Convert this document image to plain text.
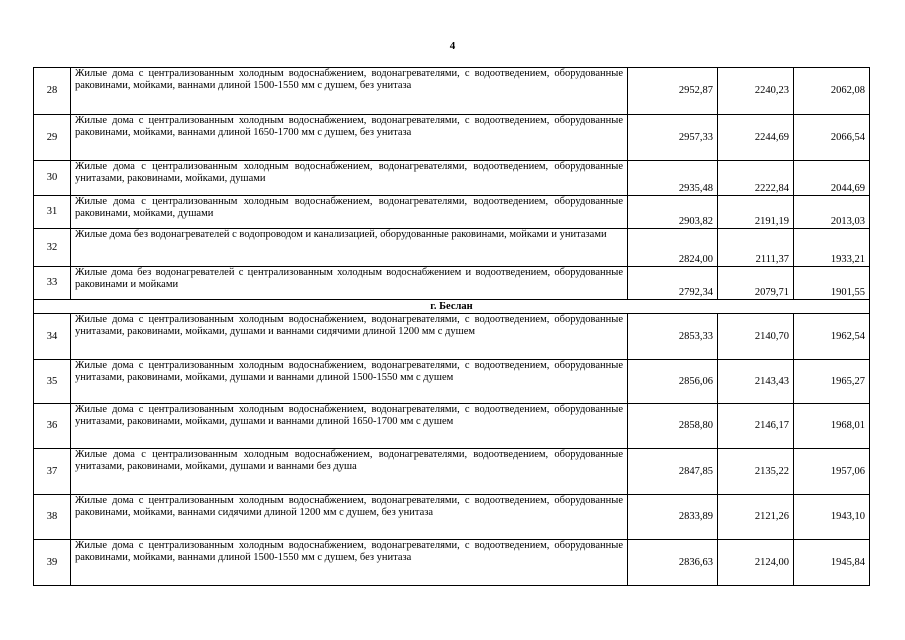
4
28	Жилые дома с централизованным холодным водоснабжением, водонагревателями, с водоотведением, оборудованные раковинами, мойками, ваннами длиной 1500-1550 мм с душем, без унитаза	2952,87	2240,23	2062,08
29	Жилые дома с централизованным холодным водоснабжением, водонагревателями, с водоотведением, оборудованные раковинами, мойками, ваннами длиной 1650-1700 мм с душем, без унитаза	2957,33	2244,69	2066,54
30	Жилые дома с централизованным холодным водоснабжением, водонагревателями, водоотведением, оборудованные унитазами, раковинами, мойками, душами	2935,48	2222,84	2044,69
31	Жилые дома с централизованным холодным водоснабжением, водонагревателями, водоотведением, оборудованные раковинами, мойками, душами	2903,82	2191,19	2013,03
32	Жилые дома без водонагревателей с водопроводом и канализацией, оборудованные раковинами, мойками и унитазами	2824,00	2111,37	1933,21
33	Жилые дома без водонагревателей с централизованным холодным водоснабжением и водоотведением, оборудованные раковинами и мойками	2792,34	2079,71	1901,55
г. Беслан				
34	Жилые дома с централизованным холодным водоснабжением, водонагревателями, с водоотведением, оборудованные унитазами, раковинами, мойками, душами и ваннами сидячими длиной 1200 мм с душем	2853,33	2140,70	1962,54
35	Жилые дома с централизованным холодным водоснабжением, водонагревателями, с водоотведением, оборудованные унитазами, раковинами, мойками, душами и ваннами длиной 1500-1550 мм с душем	2856,06	2143,43	1965,27
36	Жилые дома с централизованным холодным водоснабжением, водонагревателями, с водоотведением, оборудованные унитазами, раковинами, мойками, душами и ваннами длиной 1650-1700 мм с душем	2858,80	2146,17	1968,01
37	Жилые дома с централизованным холодным водоснабжением, водонагревателями, водоотведением, оборудованные унитазами, раковинами, мойками, душами и ваннами без душа	2847,85	2135,22	1957,06
38	Жилые дома с централизованным холодным водоснабжением, водонагревателями, с водоотведением, оборудованные раковинами, мойками, ваннами сидячими длиной 1200 мм с душем, без унитаза	2833,89	2121,26	1943,10
39	Жилые дома с централизованным холодным водоснабжением, водонагревателями, с водоотведением, оборудованные раковинами, мойками, ваннами длиной 1500-1550 мм с душем, без унитаза	2836,63	2124,00	1945,84
